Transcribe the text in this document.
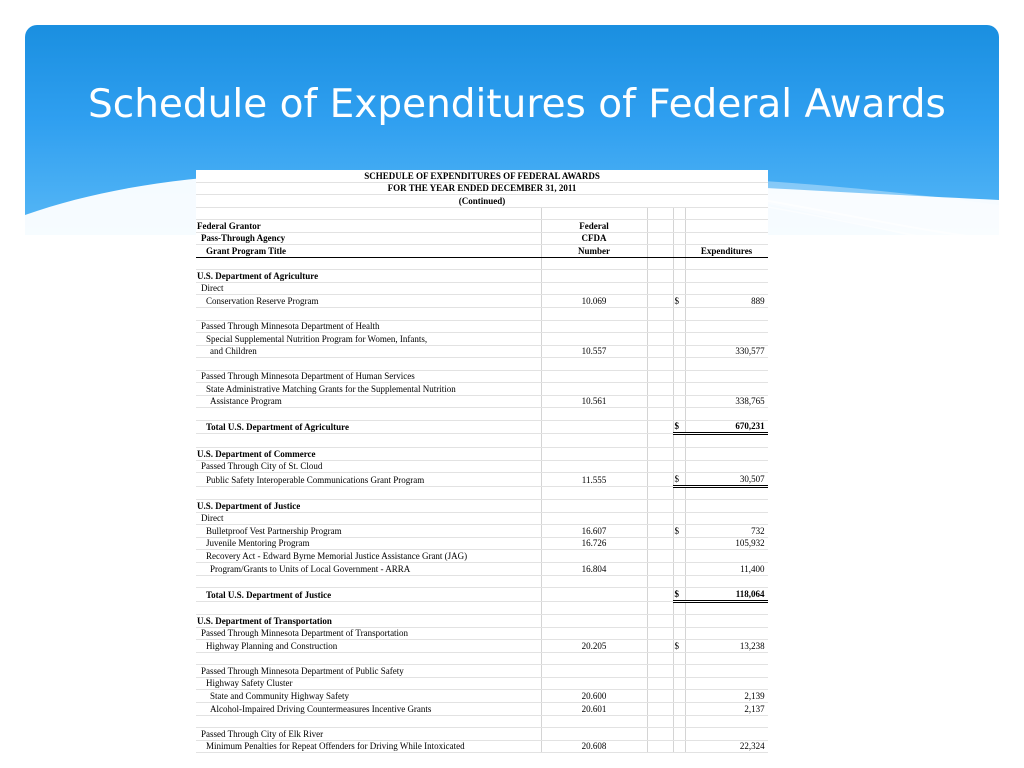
Schedule of Expenditures of Federal Awards
SCHEDULE OF EXPENDITURES OF FEDERAL AWARDS				
FOR THE YEAR ENDED DECEMBER 31, 2011				
(Continued)				

Federal Grantor	Federal			
Pass-Through Agency	CFDA			
Grant Program Title	Number			Expenditures

U.S. Department of Agriculture				
Direct				
Conservation Reserve Program	10.069		$	889

Passed Through Minnesota Department of Health				
Special Supplemental Nutrition Program for Women, Infants,				
and Children	10.557			330,577

Passed Through Minnesota Department of Human Services				
State Administrative Matching Grants for the Supplemental Nutrition				
Assistance Program	10.561			338,765

Total U.S. Department of Agriculture			$	670,231

U.S. Department of Commerce				
Passed Through City of St. Cloud				
Public Safety Interoperable Communications Grant Program	11.555		$	30,507

U.S. Department of Justice				
Direct				
Bulletproof Vest Partnership Program	16.607		$	732
Juvenile Mentoring Program	16.726			105,932
Recovery Act - Edward Byrne Memorial Justice Assistance Grant (JAG)				
Program/Grants to Units of Local Government - ARRA	16.804			11,400

Total U.S. Department of Justice			$	118,064

U.S. Department of Transportation				
Passed Through Minnesota Department of Transportation				
Highway Planning and Construction	20.205		$	13,238

Passed Through Minnesota Department of Public Safety				
Highway Safety Cluster				
State and Community Highway Safety	20.600			2,139
Alcohol-Impaired Driving Countermeasures Incentive Grants	20.601			2,137

Passed Through City of Elk River				
Minimum Penalties for Repeat Offenders for Driving While Intoxicated	20.608			22,324
